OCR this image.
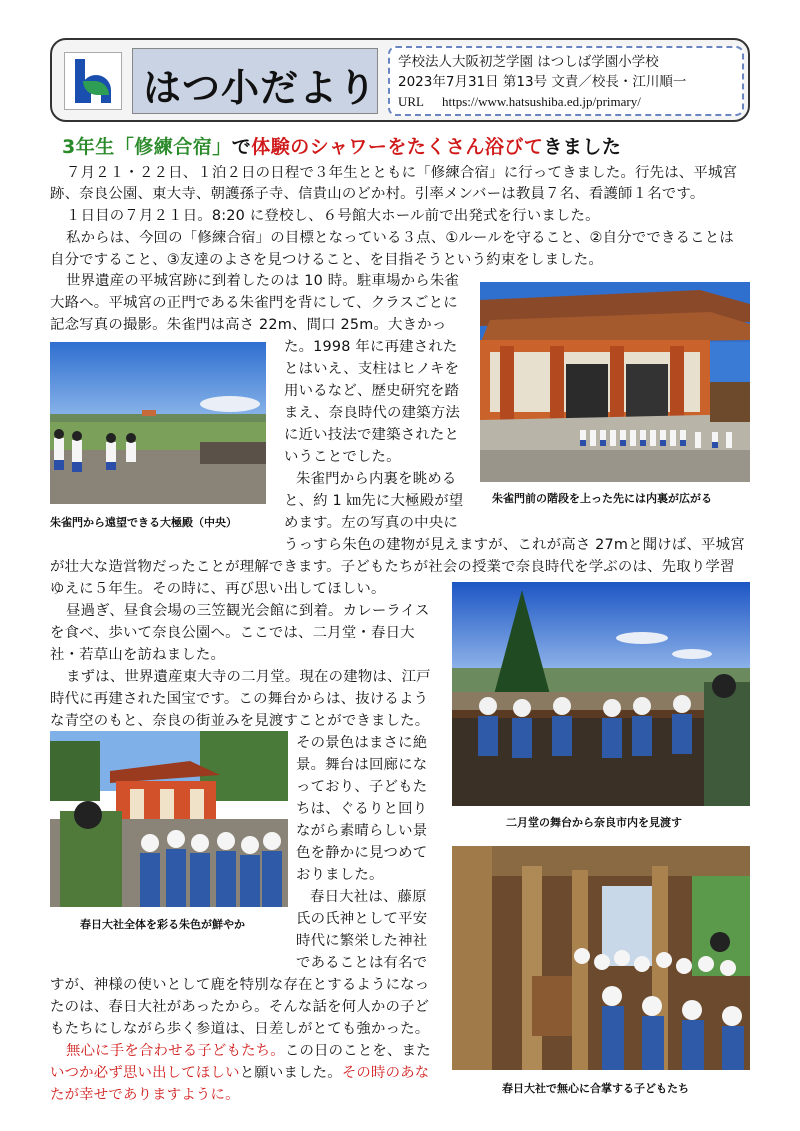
はつ小だより
学校法人大阪初芝学園 はつしば学園小学校
2023年7月31日 第13号 文責／校長・江川順一
URL https://www.hatsushiba.ed.jp/primary/
3年生「修練合宿」で体験のシャワーをたくさん浴びてきました
７月２１・２２日、１泊２日の日程で３年生とともに「修練合宿」に行ってきました。行先は、平城宮
跡、奈良公園、東大寺、朝護孫子寺、信貴山のどか村。引率メンバーは教員７名、看護師１名です。
１日目の７月２１日。8:20 に登校し、６号館大ホール前で出発式を行いました。
私からは、今回の「修練合宿」の目標となっている３点、①ルールを守ること、②自分でできることは
自分ですること、③友達のよさを見つけること、を目指そうという約束をしました。
世界遺産の平城宮跡に到着したのは 10 時。駐車場から朱雀
大路へ。平城宮の正門である朱雀門を背にして、クラスごとに
記念写真の撮影。朱雀門は高さ 22m、間口 25m。大きかっ
た。1998 年に再建された
とはいえ、支柱はヒノキを
用いるなど、歴史研究を踏
まえ、奈良時代の建築方法
に近い技法で建築されたと
いうことでした。
朱雀門から内裏を眺める
と、約 1 ㎞先に大極殿が望
めます。左の写真の中央に
うっすら朱色の建物が見えますが、これが高さ 27mと聞けば、平城宮
が壮大な造営物だったことが理解できます。子どもたちが社会の授業で奈良時代を学ぶのは、先取り学習
ゆえに５年生。その時に、再び思い出してほしい。
昼過ぎ、昼食会場の三笠観光会館に到着。カレーライス
を食べ、歩いて奈良公園へ。ここでは、二月堂・春日大
社・若草山を訪ねました。
まずは、世界遺産東大寺の二月堂。現在の建物は、江戸
時代に再建された国宝です。この舞台からは、抜けるよう
な青空のもと、奈良の街並みを見渡すことができました。
その景色はまさに絶
景。舞台は回廊にな
っており、子どもた
ちは、ぐるりと回り
ながら素晴らしい景
色を静かに見つめて
おりました。
春日大社は、藤原
氏の氏神として平安
時代に繁栄した神社
であることは有名で
すが、神様の使いとして鹿を特別な存在とするようになっ
たのは、春日大社があったから。そんな話を何人かの子ど
もたちにしながら歩く参道は、日差しがとても強かった。
無心に手を合わせる子どもたち。この日のことを、また
いつか必ず思い出してほしいと願いました。その時のあな
たが幸せでありますように。
朱雀門前の階段を上った先には内裏が広がる
朱雀門から遠望できる大極殿（中央）
二月堂の舞台から奈良市内を見渡す
春日大社全体を彩る朱色が鮮やか
春日大社で無心に合掌する子どもたち
